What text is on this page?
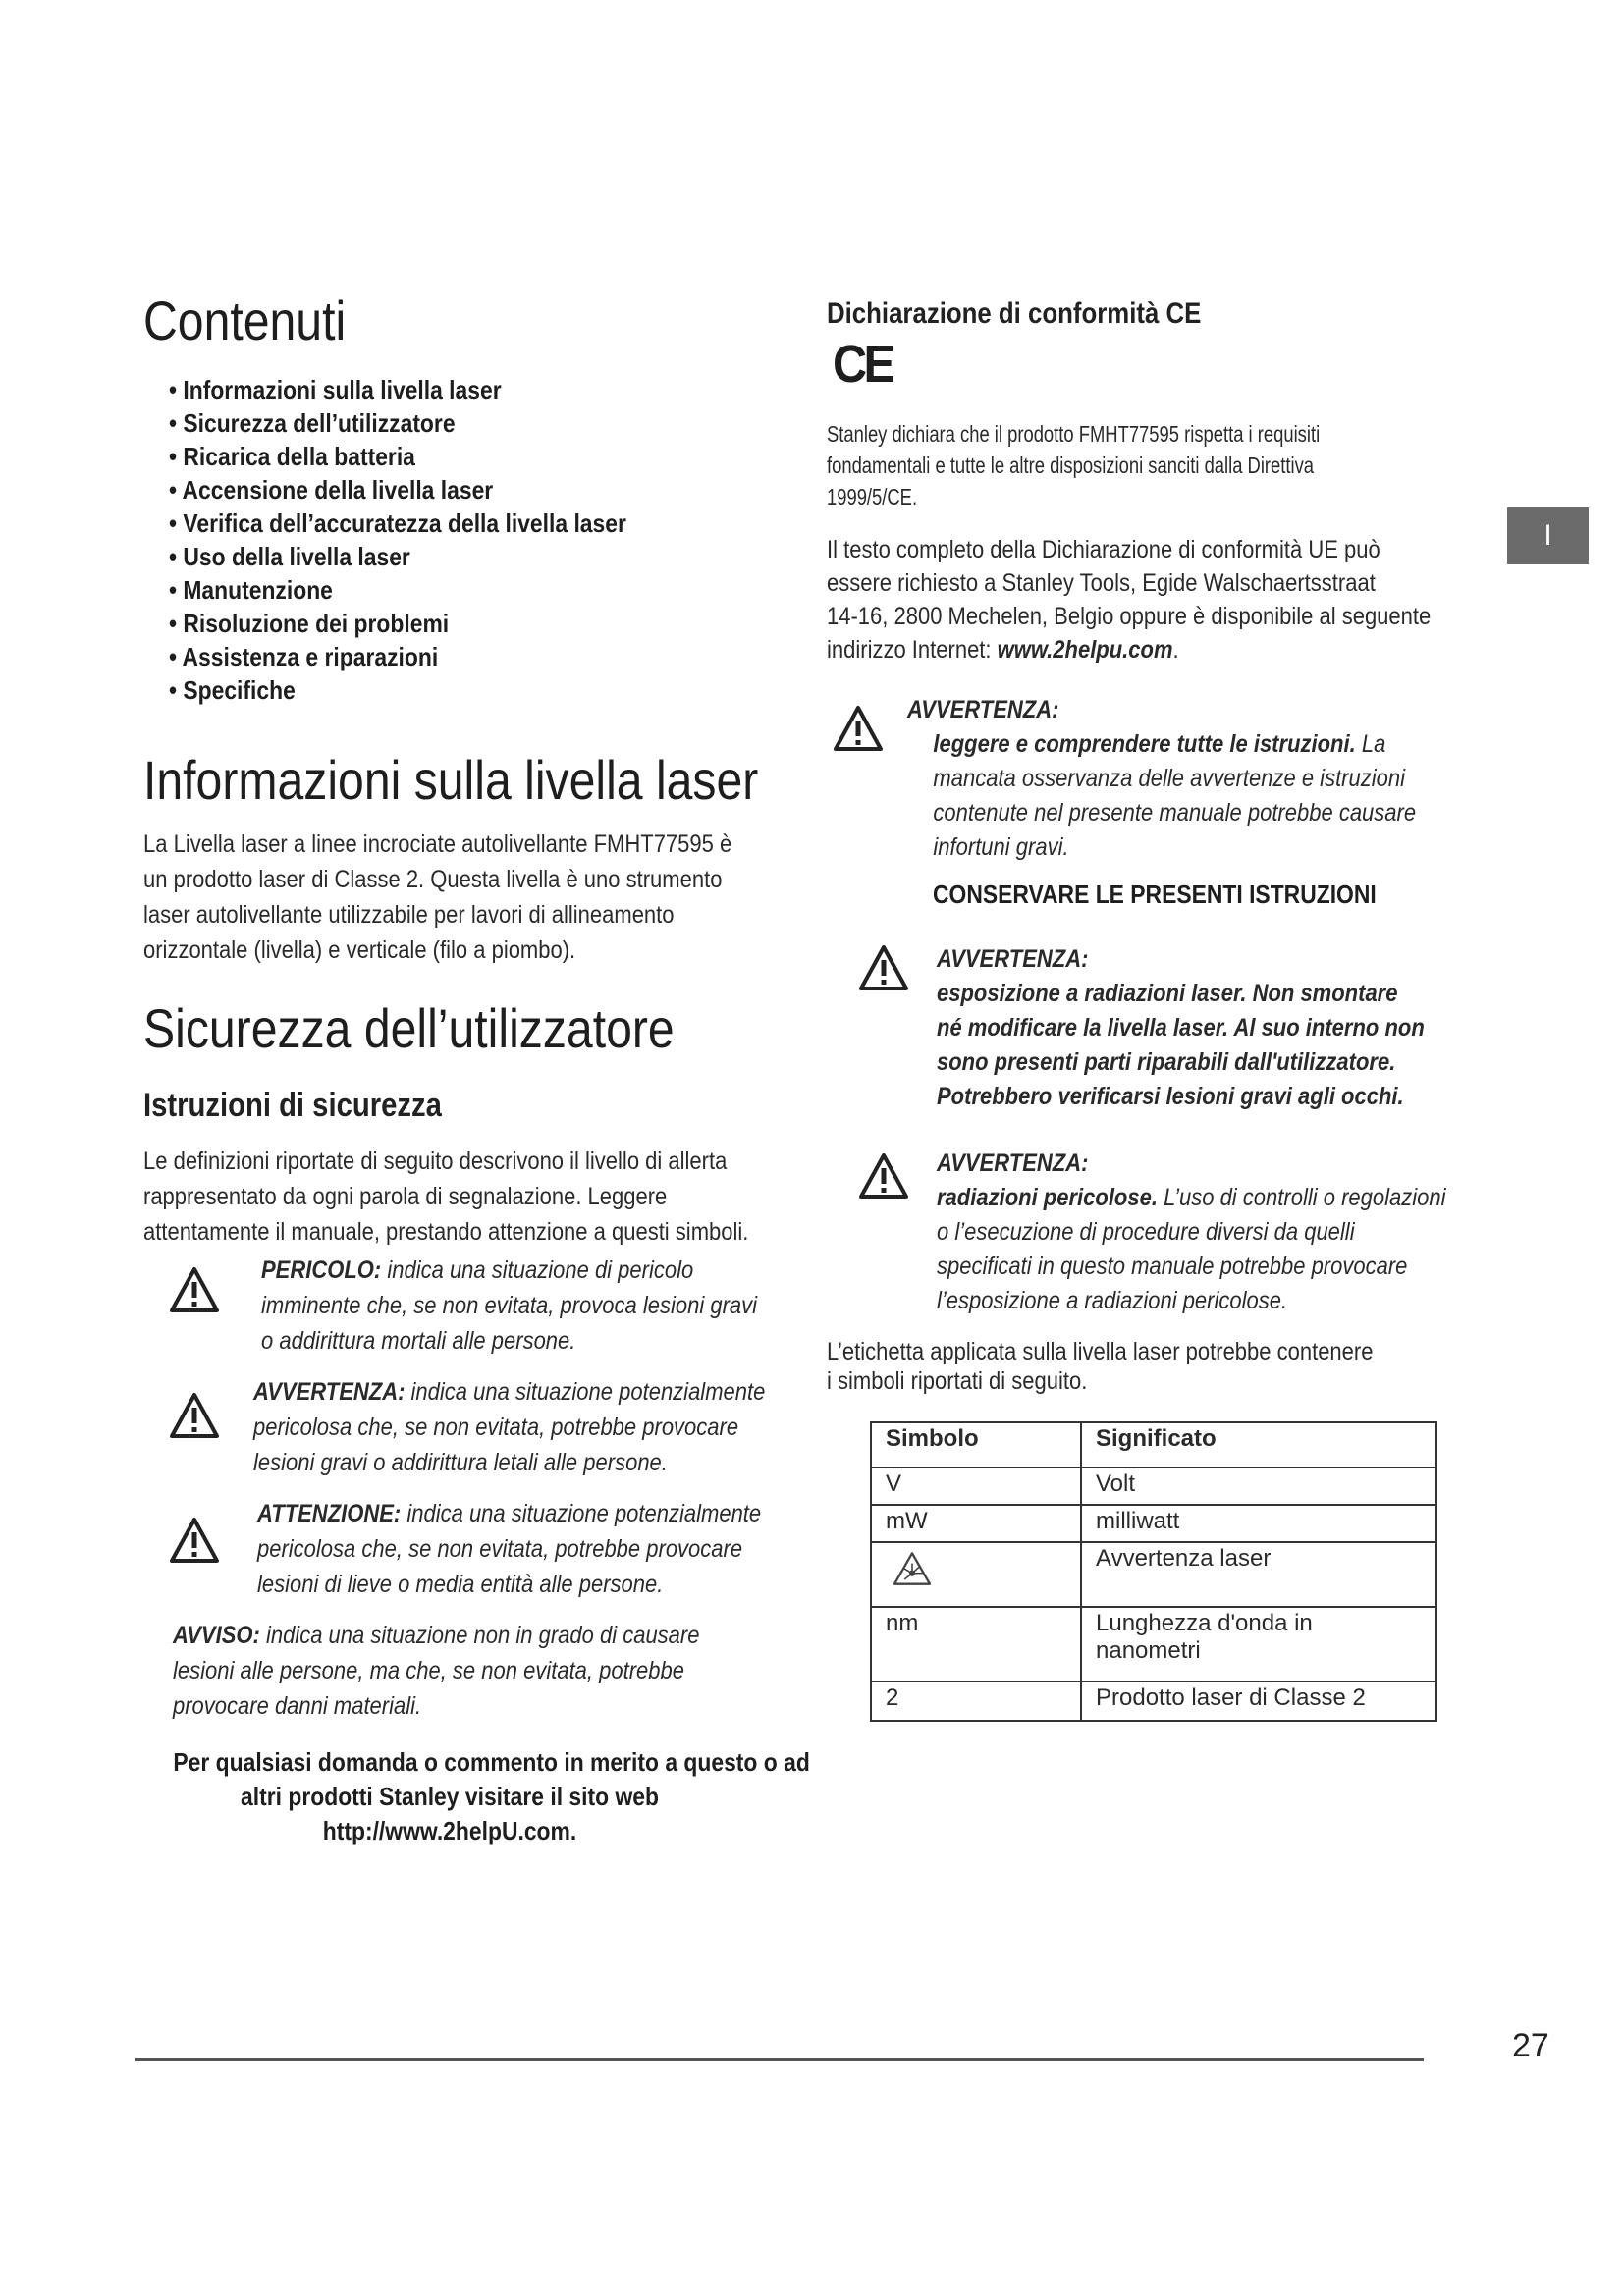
I
Contenuti
• Informazioni sulla livella laser
• Sicurezza dell’utilizzatore
• Ricarica della batteria
• Accensione della livella laser
• Verifica dell’accuratezza della livella laser
• Uso della livella laser
• Manutenzione
• Risoluzione dei problemi
• Assistenza e riparazioni
• Specifiche
Informazioni sulla livella laser
La Livella laser a linee incrociate autolivellante FMHT77595 è
un prodotto laser di Classe 2. Questa livella è uno strumento
laser autolivellante utilizzabile per lavori di allineamento
orizzontale (livella) e verticale (filo a piombo).
Sicurezza dell’utilizzatore
Istruzioni di sicurezza
Le definizioni riportate di seguito descrivono il livello di allerta
rappresentato da ogni parola di segnalazione. Leggere
attentamente il manuale, prestando attenzione a questi simboli.
PERICOLO: indica una situazione di pericolo
imminente che, se non evitata, provoca lesioni gravi
o addirittura mortali alle persone.
AVVERTENZA: indica una situazione potenzialmente
pericolosa che, se non evitata, potrebbe provocare
lesioni gravi o addirittura letali alle persone.
ATTENZIONE: indica una situazione potenzialmente
pericolosa che, se non evitata, potrebbe provocare
lesioni di lieve o media entità alle persone.
AVVISO: indica una situazione non in grado di causare
lesioni alle persone, ma che, se non evitata, potrebbe
provocare danni materiali.
Per qualsiasi domanda o commento in merito a questo o ad
altri prodotti Stanley visitare il sito web
http://www.2helpU.com.
Dichiarazione di conformità CE
CE
Stanley dichiara che il prodotto FMHT77595 rispetta i requisiti
fondamentali e tutte le altre disposizioni sanciti dalla Direttiva
1999/5/CE.
Il testo completo della Dichiarazione di conformità UE può
essere richiesto a Stanley Tools, Egide Walschaertsstraat
14-16, 2800 Mechelen, Belgio oppure è disponibile al seguente
indirizzo Internet: www.2helpu.com.
AVVERTENZA:
leggere e comprendere tutte le istruzioni. La
mancata osservanza delle avvertenze e istruzioni
contenute nel presente manuale potrebbe causare
infortuni gravi.
CONSERVARE LE PRESENTI ISTRUZIONI
AVVERTENZA:
esposizione a radiazioni laser. Non smontare
né modificare la livella laser. Al suo interno non
sono presenti parti riparabili dall'utilizzatore.
Potrebbero verificarsi lesioni gravi agli occhi.
AVVERTENZA:
radiazioni pericolose. L’uso di controlli o regolazioni
o l’esecuzione di procedure diversi da quelli
specificati in questo manuale potrebbe provocare
l’esposizione a radiazioni pericolose.
L’etichetta applicata sulla livella laser potrebbe contenere
i simboli riportati di seguito.
Simbolo	Significato
V	Volt
mW	milliwatt
	Avvertenza laser
nm	Lunghezza d'onda in nanometri
2	Prodotto laser di Classe 2
27
